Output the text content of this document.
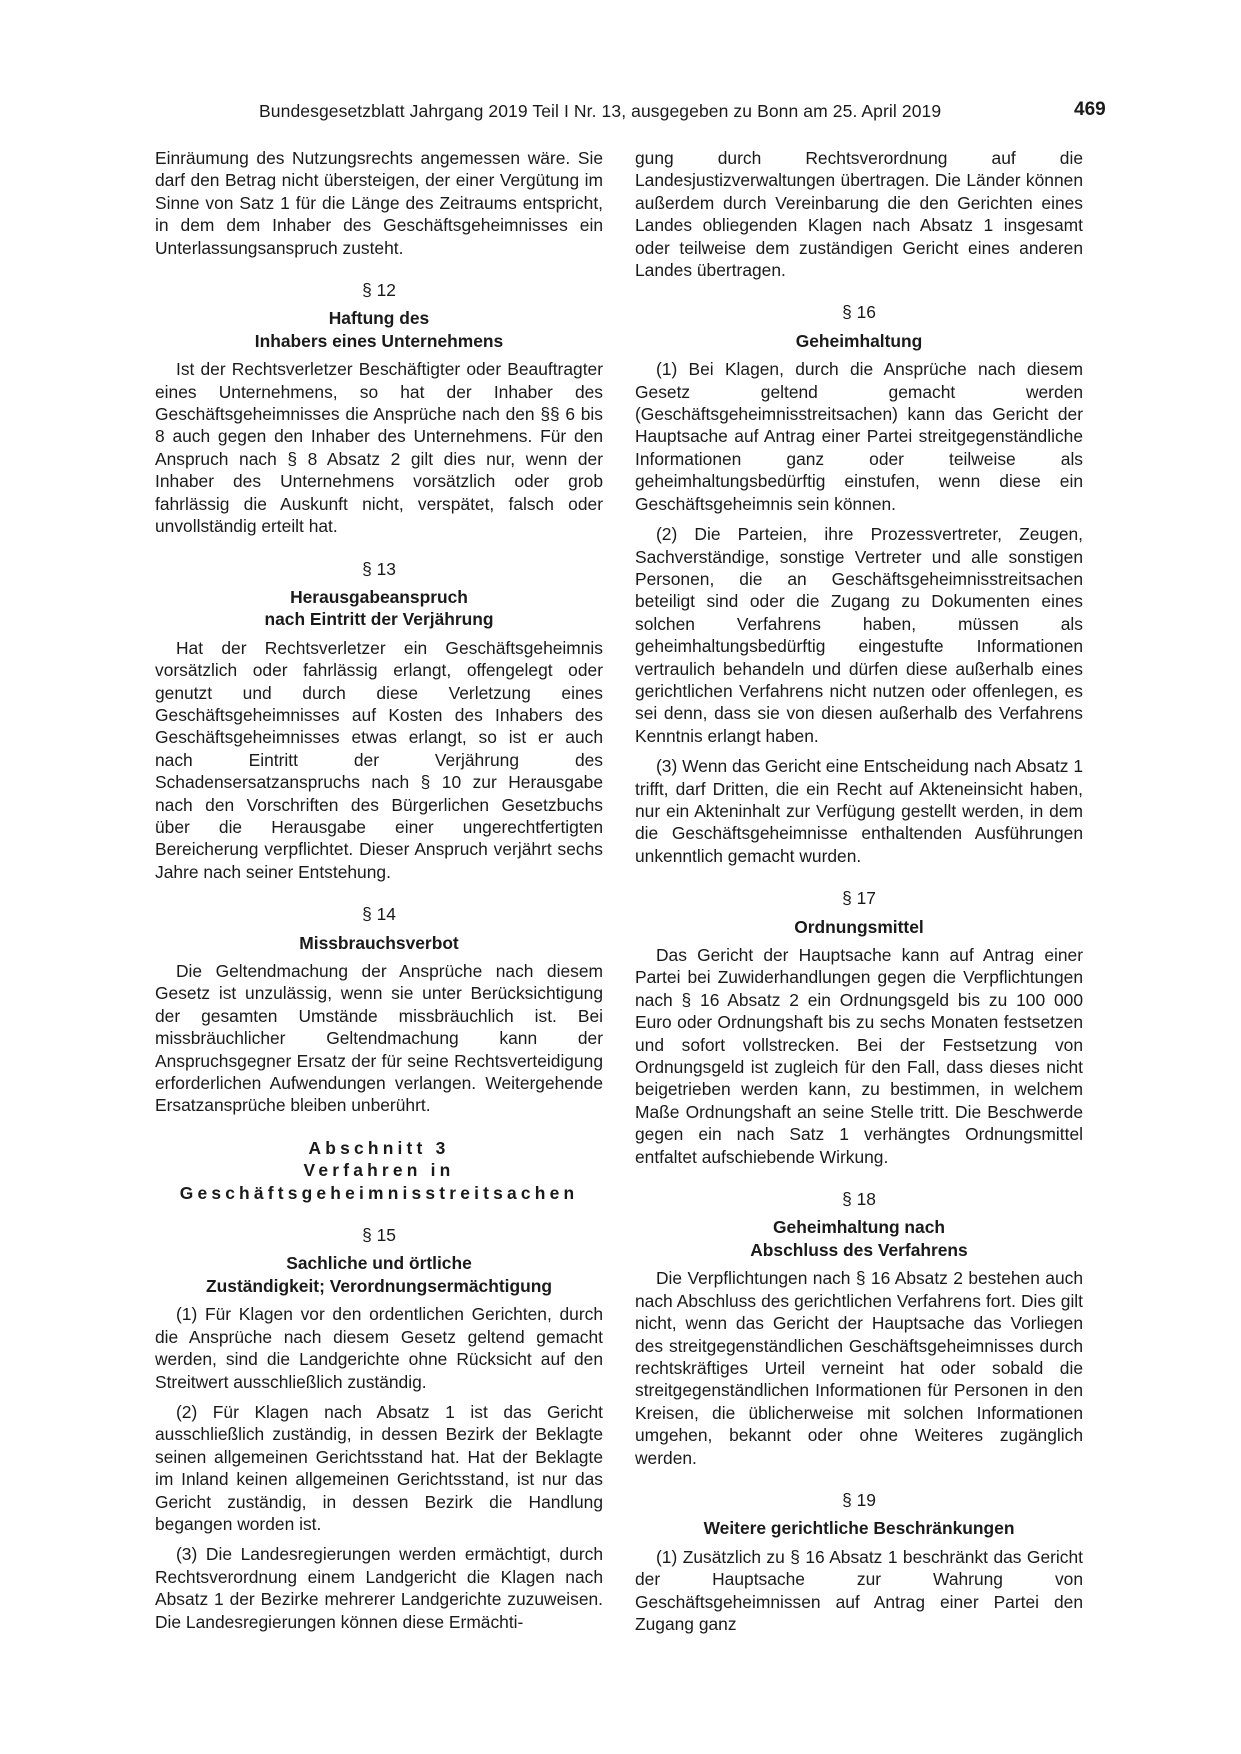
Bundesgesetzblatt Jahrgang 2019 Teil I Nr. 13, ausgegeben zu Bonn am 25. April 2019	469

Einräumung des Nutzungsrechts angemessen wäre. Sie darf den Betrag nicht übersteigen, der einer Vergütung im Sinne von Satz 1 für die Länge des Zeitraums entspricht, in dem dem Inhaber des Geschäftsgeheimnisses ein Unterlassungsanspruch zusteht.

§ 12
Haftung des
Inhabers eines Unternehmens

Ist der Rechtsverletzer Beschäftigter oder Beauftragter eines Unternehmens, so hat der Inhaber des Geschäftsgeheimnisses die Ansprüche nach den §§ 6 bis 8 auch gegen den Inhaber des Unternehmens. Für den Anspruch nach § 8 Absatz 2 gilt dies nur, wenn der Inhaber des Unternehmens vorsätzlich oder grob fahrlässig die Auskunft nicht, verspätet, falsch oder unvollständig erteilt hat.

§ 13
Herausgabeanspruch
nach Eintritt der Verjährung

Hat der Rechtsverletzer ein Geschäftsgeheimnis vorsätzlich oder fahrlässig erlangt, offengelegt oder genutzt und durch diese Verletzung eines Geschäftsgeheimnisses auf Kosten des Inhabers des Geschäftsgeheimnisses etwas erlangt, so ist er auch nach Eintritt der Verjährung des Schadensersatzanspruchs nach § 10 zur Herausgabe nach den Vorschriften des Bürgerlichen Gesetzbuchs über die Herausgabe einer ungerechtfertigten Bereicherung verpflichtet. Dieser Anspruch verjährt sechs Jahre nach seiner Entstehung.

§ 14
Missbrauchsverbot

Die Geltendmachung der Ansprüche nach diesem Gesetz ist unzulässig, wenn sie unter Berücksichtigung der gesamten Umstände missbräuchlich ist. Bei missbräuchlicher Geltendmachung kann der Anspruchsgegner Ersatz der für seine Rechtsverteidigung erforderlichen Aufwendungen verlangen. Weitergehende Ersatzansprüche bleiben unberührt.

Abschnitt 3
Verfahren in
Geschäftsgeheimnisstreitsachen
§ 15
Sachliche und örtliche
Zuständigkeit; Verordnungsermächtigung

(1) Für Klagen vor den ordentlichen Gerichten, durch die Ansprüche nach diesem Gesetz geltend gemacht werden, sind die Landgerichte ohne Rücksicht auf den Streitwert ausschließlich zuständig.

(2) Für Klagen nach Absatz 1 ist das Gericht ausschließlich zuständig, in dessen Bezirk der Beklagte seinen allgemeinen Gerichtsstand hat. Hat der Beklagte im Inland keinen allgemeinen Gerichtsstand, ist nur das Gericht zuständig, in dessen Bezirk die Handlung begangen worden ist.

(3) Die Landesregierungen werden ermächtigt, durch Rechtsverordnung einem Landgericht die Klagen nach Absatz 1 der Bezirke mehrerer Landgerichte zuzuweisen. Die Landesregierungen können diese Ermächti-

gung durch Rechtsverordnung auf die Landesjustizverwaltungen übertragen. Die Länder können außerdem durch Vereinbarung die den Gerichten eines Landes obliegenden Klagen nach Absatz 1 insgesamt oder teilweise dem zuständigen Gericht eines anderen Landes übertragen.

§ 16
Geheimhaltung

(1) Bei Klagen, durch die Ansprüche nach diesem Gesetz geltend gemacht werden (Geschäftsgeheimnisstreitsachen) kann das Gericht der Hauptsache auf Antrag einer Partei streitgegenständliche Informationen ganz oder teilweise als geheimhaltungsbedürftig einstufen, wenn diese ein Geschäftsgeheimnis sein können.

(2) Die Parteien, ihre Prozessvertreter, Zeugen, Sachverständige, sonstige Vertreter und alle sonstigen Personen, die an Geschäftsgeheimnisstreitsachen beteiligt sind oder die Zugang zu Dokumenten eines solchen Verfahrens haben, müssen als geheimhaltungsbedürftig eingestufte Informationen vertraulich behandeln und dürfen diese außerhalb eines gerichtlichen Verfahrens nicht nutzen oder offenlegen, es sei denn, dass sie von diesen außerhalb des Verfahrens Kenntnis erlangt haben.

(3) Wenn das Gericht eine Entscheidung nach Absatz 1 trifft, darf Dritten, die ein Recht auf Akteneinsicht haben, nur ein Akteninhalt zur Verfügung gestellt werden, in dem die Geschäftsgeheimnisse enthaltenden Ausführungen unkenntlich gemacht wurden.

§ 17
Ordnungsmittel

Das Gericht der Hauptsache kann auf Antrag einer Partei bei Zuwiderhandlungen gegen die Verpflichtungen nach § 16 Absatz 2 ein Ordnungsgeld bis zu 100 000 Euro oder Ordnungshaft bis zu sechs Monaten festsetzen und sofort vollstrecken. Bei der Festsetzung von Ordnungsgeld ist zugleich für den Fall, dass dieses nicht beigetrieben werden kann, zu bestimmen, in welchem Maße Ordnungshaft an seine Stelle tritt. Die Beschwerde gegen ein nach Satz 1 verhängtes Ordnungsmittel entfaltet aufschiebende Wirkung.

§ 18
Geheimhaltung nach
Abschluss des Verfahrens

Die Verpflichtungen nach § 16 Absatz 2 bestehen auch nach Abschluss des gerichtlichen Verfahrens fort. Dies gilt nicht, wenn das Gericht der Hauptsache das Vorliegen des streitgegenständlichen Geschäftsgeheimnisses durch rechtskräftiges Urteil verneint hat oder sobald die streitgegenständlichen Informationen für Personen in den Kreisen, die üblicherweise mit solchen Informationen umgehen, bekannt oder ohne Weiteres zugänglich werden.

§ 19
Weitere gerichtliche Beschränkungen

(1) Zusätzlich zu § 16 Absatz 1 beschränkt das Gericht der Hauptsache zur Wahrung von Geschäftsgeheimnissen auf Antrag einer Partei den Zugang ganz
